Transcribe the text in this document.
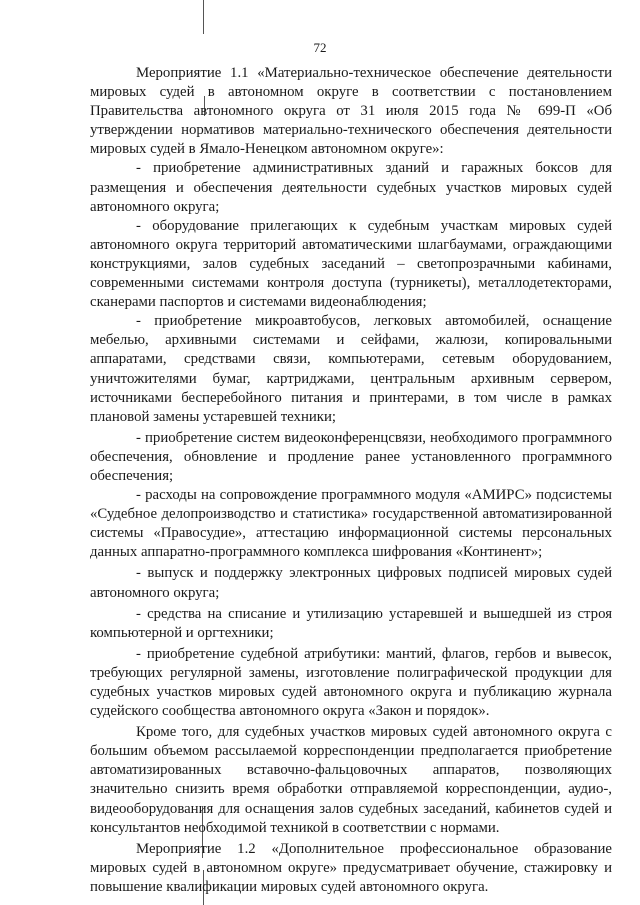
72

Мероприятие 1.1 «Материально-техническое обеспечение деятельности мировых судей в автономном округе в соответствии с постановлением Правительства автономного округа от 31 июля 2015 года № 699-П «Об утверждении нормативов материально-технического обеспечения деятельности мировых судей в Ямало-Ненецком автономном округе»:

- приобретение административных зданий и гаражных боксов для размещения и обеспечения деятельности судебных участков мировых судей автономного округа;

- оборудование прилегающих к судебным участкам мировых судей автономного округа территорий автоматическими шлагбаумами, ограждающими конструкциями, залов судебных заседаний – светопрозрачными кабинами, современными системами контроля доступа (турникеты), металлодетекторами, сканерами паспортов и системами видеонаблюдения;

- приобретение микроавтобусов, легковых автомобилей, оснащение мебелью, архивными системами и сейфами, жалюзи, копировальными аппаратами, средствами связи, компьютерами, сетевым оборудованием, уничтожителями бумаг, картриджами, центральным архивным сервером, источниками бесперебойного питания и принтерами, в том числе в рамках плановой замены устаревшей техники;

- приобретение систем видеоконференцсвязи, необходимого программного обеспечения, обновление и продление ранее установленного программного обеспечения;

- расходы на сопровождение программного модуля «АМИРС» подсистемы «Судебное делопроизводство и статистика» государственной автоматизированной системы «Правосудие», аттестацию информационной системы персональных данных аппаратно-программного комплекса шифрования «Континент»;

- выпуск и поддержку электронных цифровых подписей мировых судей автономного округа;

- средства на списание и утилизацию устаревшей и вышедшей из строя компьютерной и оргтехники;

- приобретение судебной атрибутики: мантий, флагов, гербов и вывесок, требующих регулярной замены, изготовление полиграфической продукции для судебных участков мировых судей автономного округа и публикацию журнала судейского сообщества автономного округа «Закон и порядок».

Кроме того, для судебных участков мировых судей автономного округа с большим объемом рассылаемой корреспонденции предполагается приобретение автоматизированных вставочно-фальцовочных аппаратов, позволяющих значительно снизить время обработки отправляемой корреспонденции, аудио-, видеооборудования для оснащения залов судебных заседаний, кабинетов судей и консультантов необходимой техникой в соответствии с нормами.

Мероприятие 1.2 «Дополнительное профессиональное образование мировых судей в автономном округе» предусматривает обучение, стажировку и повышение квалификации мировых судей автономного округа.
